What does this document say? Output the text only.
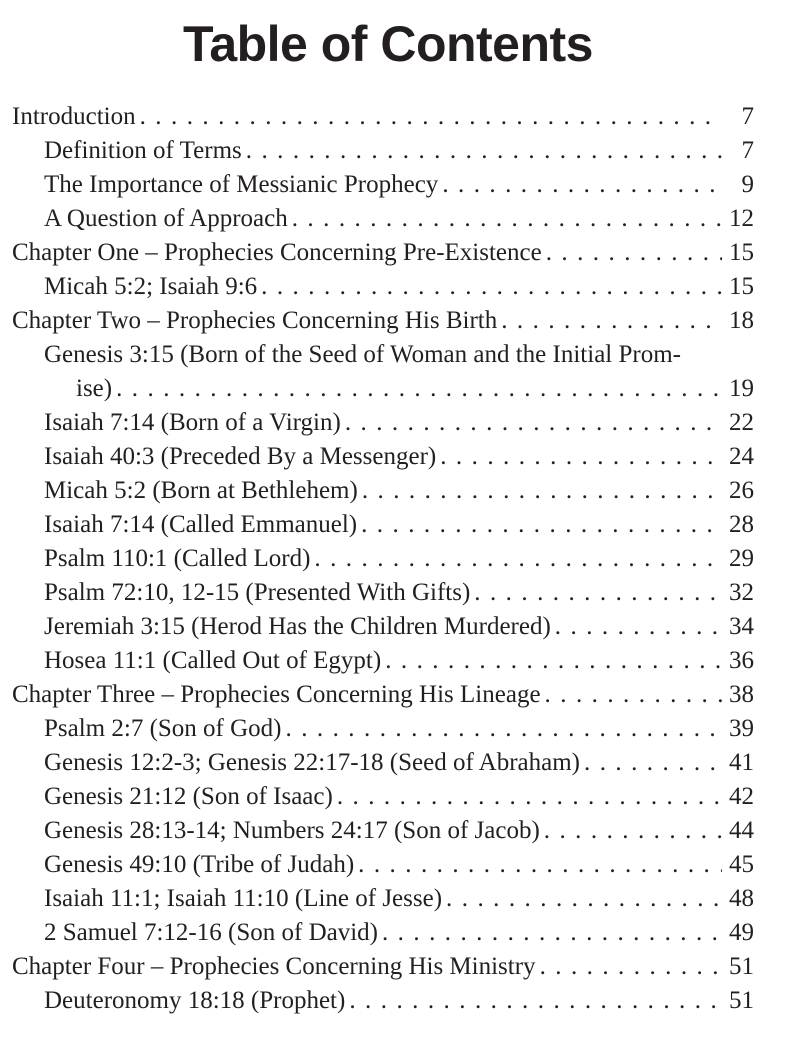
Table of Contents
Introduction . . .	7
Definition of Terms . . .	7
The Importance of Messianic Prophecy . . .	9
A Question of Approach . . .	12
Chapter One – Prophecies Concerning Pre-Existence . . .	15
Micah 5:2; Isaiah 9:6 . . .	15
Chapter Two – Prophecies Concerning His Birth . . .	18
Genesis 3:15 (Born of the Seed of Woman and the Initial Prom-
ise) . . .	19
Isaiah 7:14 (Born of a Virgin) . . .	22
Isaiah 40:3 (Preceded By a Messenger) . . .	24
Micah 5:2 (Born at Bethlehem) . . .	26
Isaiah 7:14 (Called Emmanuel) . . .	28
Psalm 110:1 (Called Lord) . . .	29
Psalm 72:10, 12-15 (Presented With Gifts) . . .	32
Jeremiah 3:15 (Herod Has the Children Murdered) . . .	34
Hosea 11:1 (Called Out of Egypt) . . .	36
Chapter Three – Prophecies Concerning His Lineage . . .	38
Psalm 2:7 (Son of God) . . .	39
Genesis 12:2-3; Genesis 22:17-18 (Seed of Abraham) . . .	41
Genesis 21:12 (Son of Isaac) . . .	42
Genesis 28:13-14; Numbers 24:17 (Son of Jacob) . . .	44
Genesis 49:10 (Tribe of Judah) . . .	45
Isaiah 11:1; Isaiah 11:10 (Line of Jesse) . . .	48
2 Samuel 7:12-16 (Son of David) . . .	49
Chapter Four – Prophecies Concerning His Ministry . . .	51
Deuteronomy 18:18 (Prophet) . . .	51
